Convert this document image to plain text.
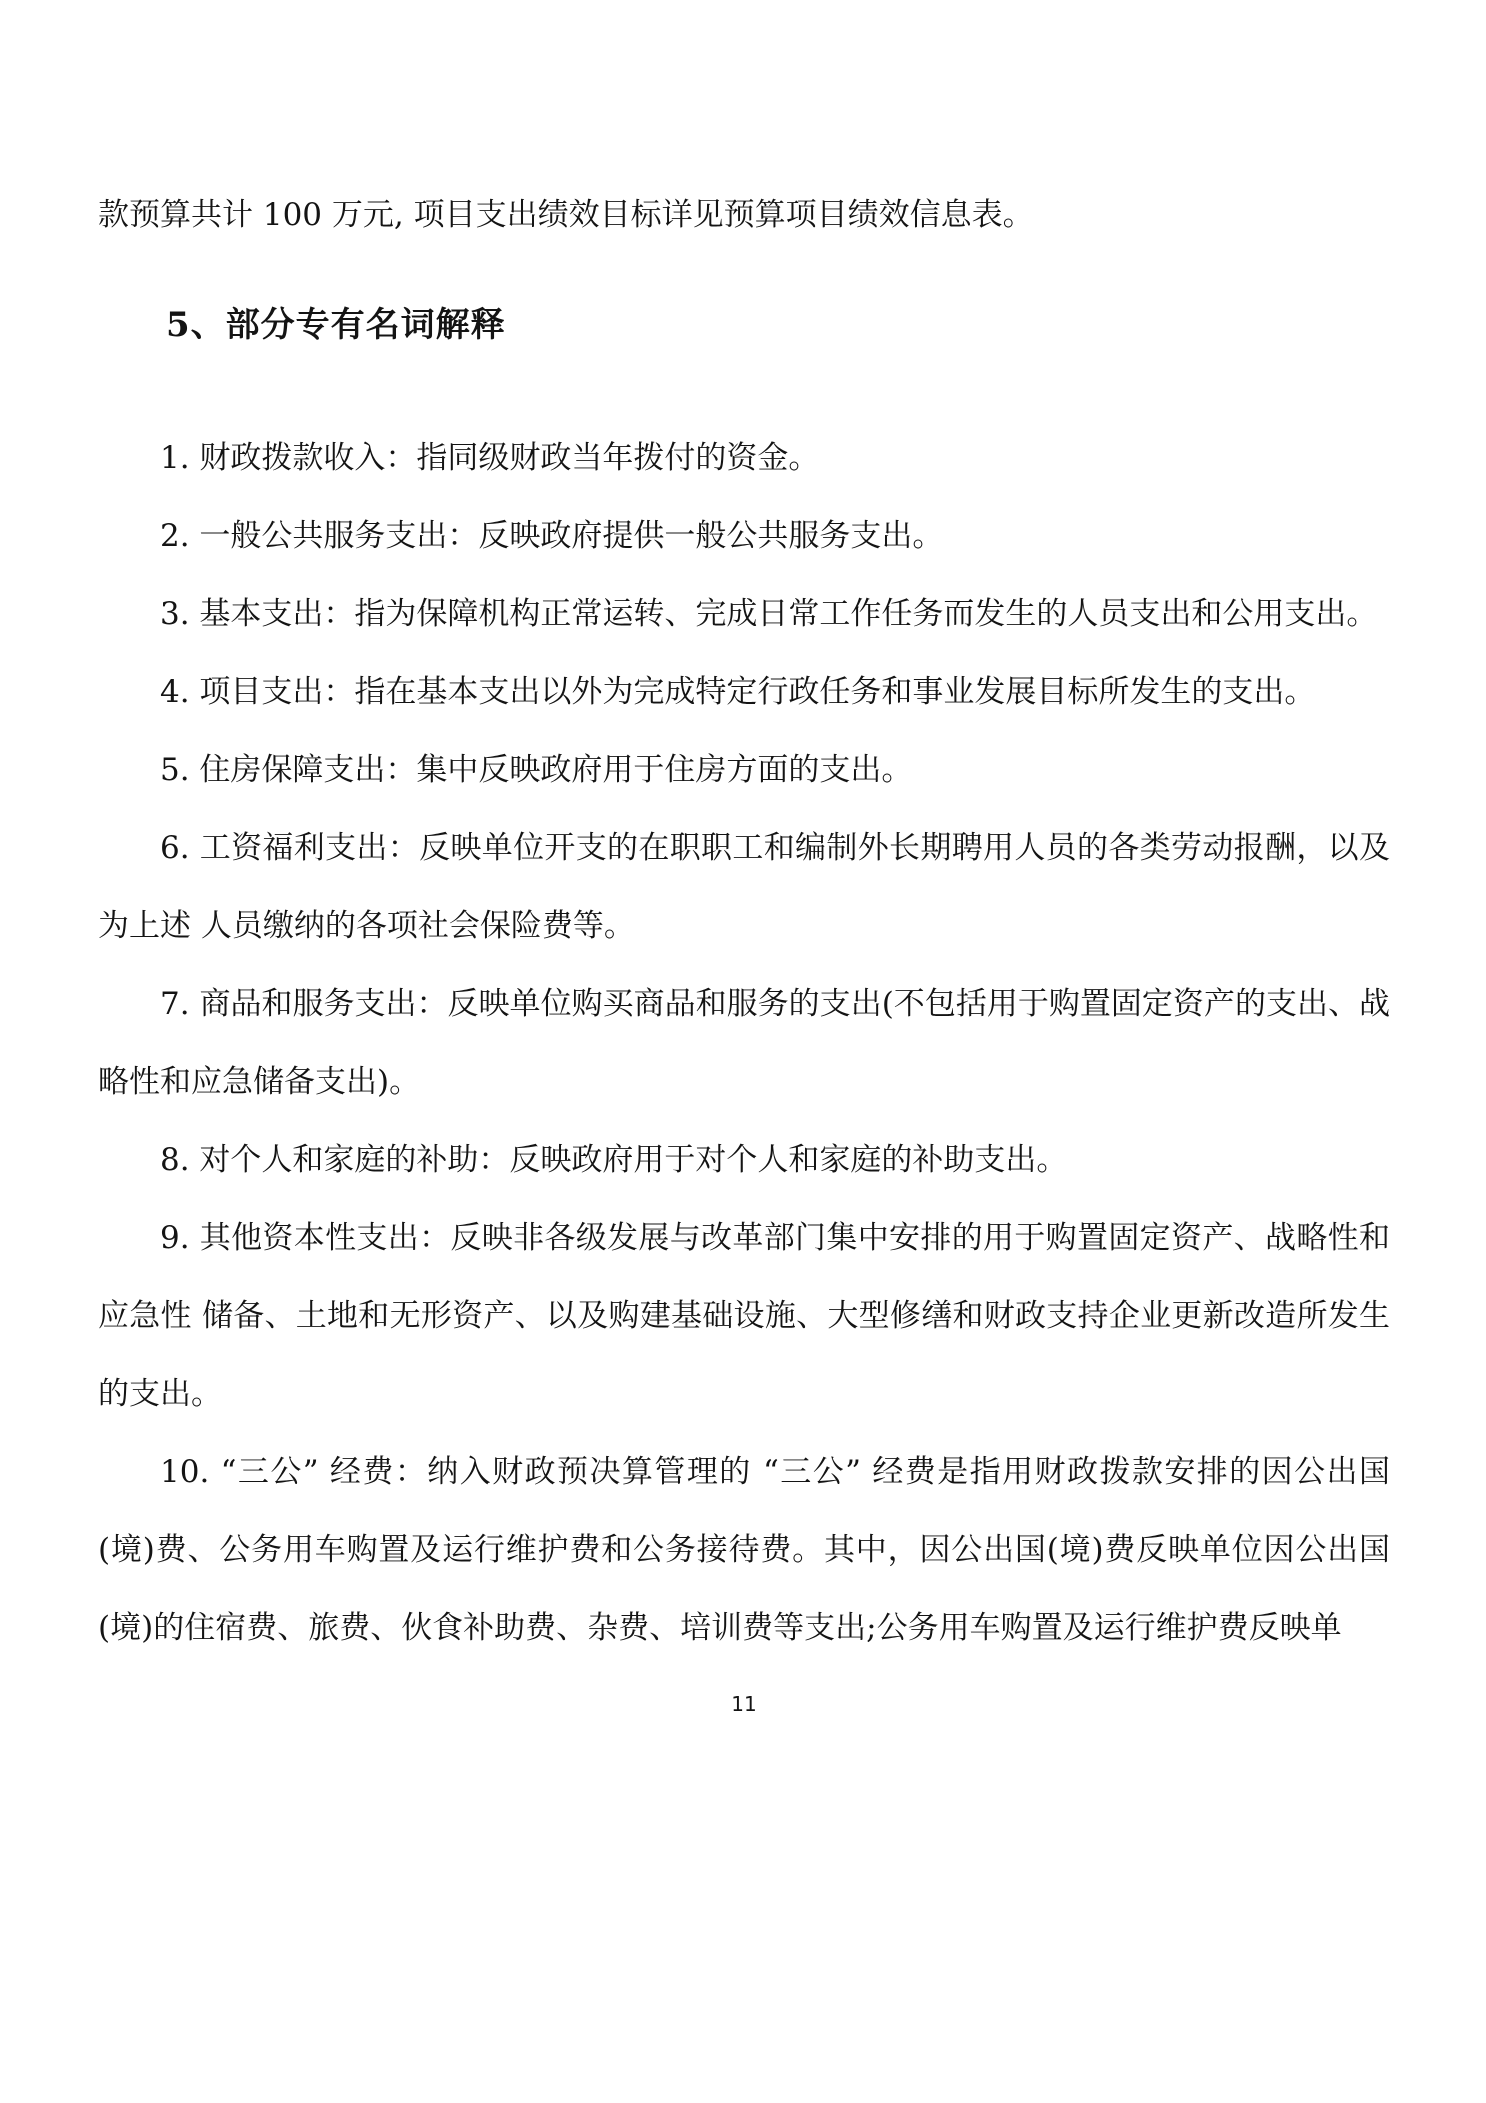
款预算共计 100 万元, 项目支出绩效目标详见预算项目绩效信息表。

5、部分专有名词解释

1. 财政拨款收入：指同级财政当年拨付的资金。

2. 一般公共服务支出：反映政府提供一般公共服务支出。

3. 基本支出：指为保障机构正常运转、完成日常工作任务而发生的人员支出和公用支出。

4. 项目支出：指在基本支出以外为完成特定行政任务和事业发展目标所发生的支出。

5. 住房保障支出：集中反映政府用于住房方面的支出。

6. 工资福利支出：反映单位开支的在职职工和编制外长期聘用人员的各类劳动报酬，以及为上述 人员缴纳的各项社会保险费等。

7. 商品和服务支出：反映单位购买商品和服务的支出(不包括用于购置固定资产的支出、战略性和应急储备支出)。

8. 对个人和家庭的补助：反映政府用于对个人和家庭的补助支出。

9. 其他资本性支出：反映非各级发展与改革部门集中安排的用于购置固定资产、战略性和应急性 储备、土地和无形资产、以及购建基础设施、大型修缮和财政支持企业更新改造所发生的支出。

10. “三公” 经费：纳入财政预决算管理的 “三公” 经费是指用财政拨款安排的因公出国(境)费、公务用车购置及运行维护费和公务接待费。其中，因公出国(境)费反映单位因公出国(境)的住宿费、旅费、伙食补助费、杂费、培训费等支出;公务用车购置及运行维护费反映单

11
